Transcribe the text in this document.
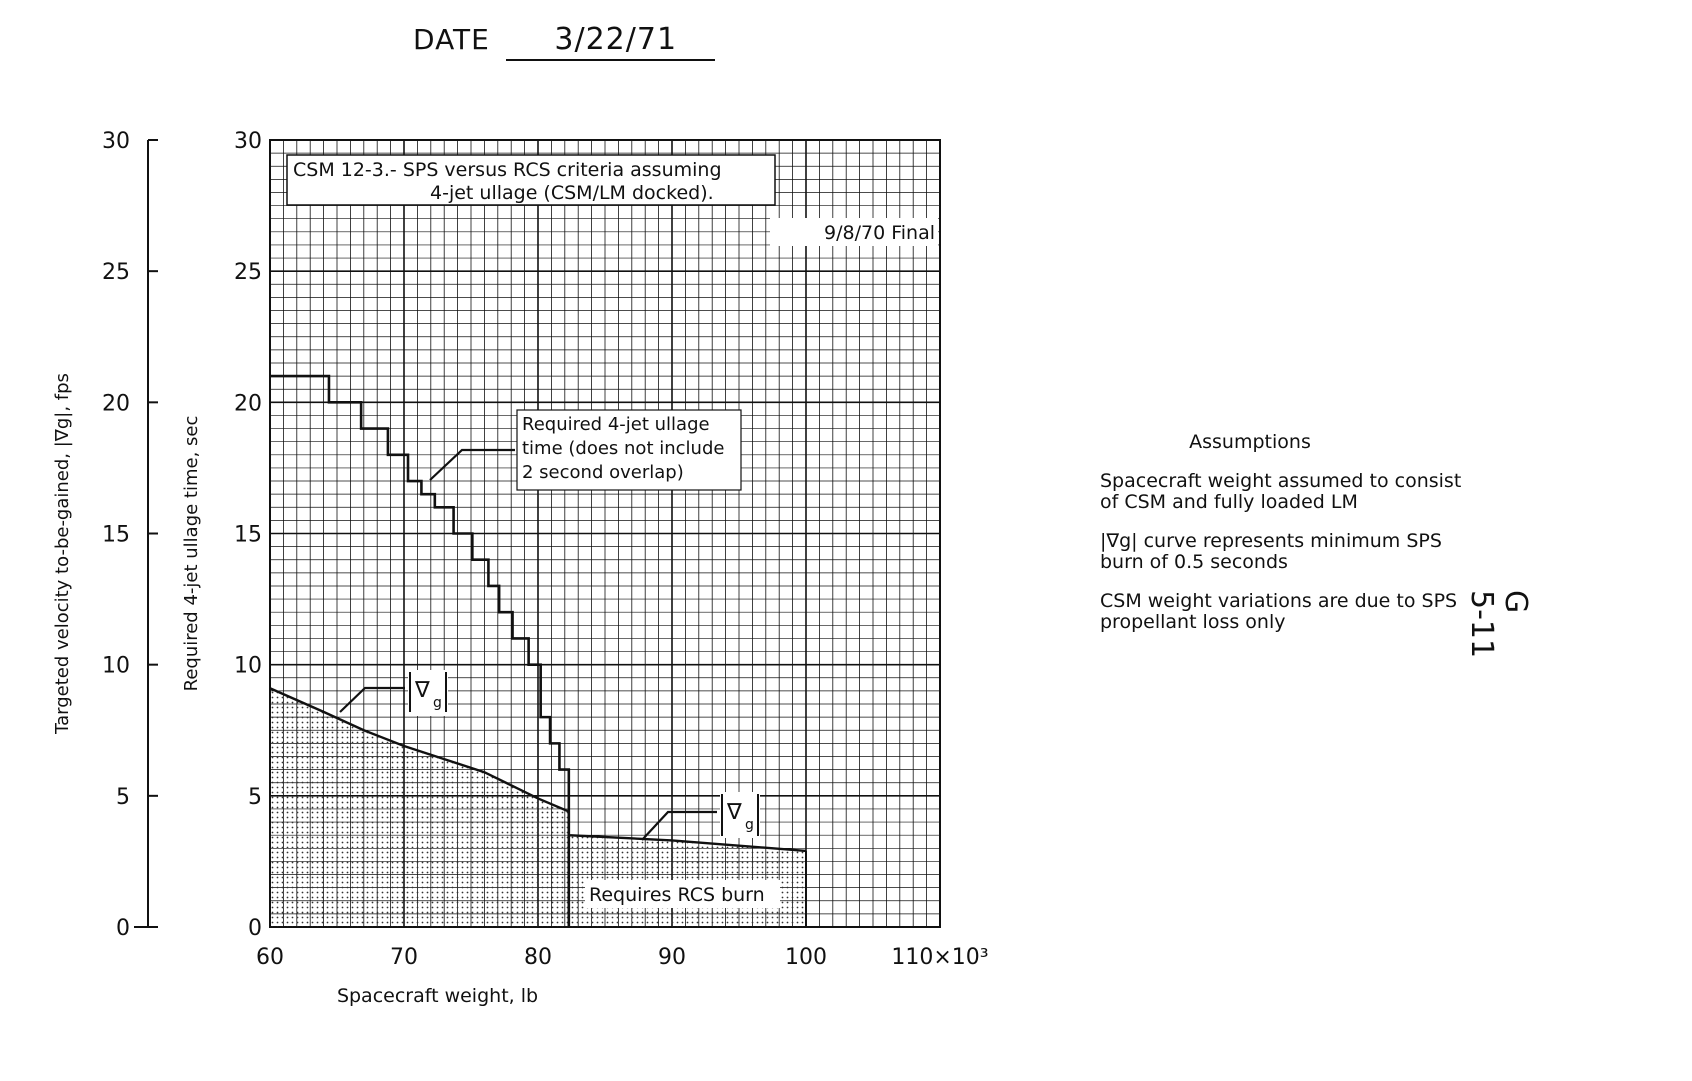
DATE 3/22/71
0	0
5	5
10	10
15	15
20	20
25	25
30	30
60	70	80	90	100	110×10³
Spacecraft weight, lb
Targeted velocity to-be-gained, |∇g|, fps	Required 4-jet ullage time, sec
CSM 12-3.- SPS versus RCS criteria assuming
4-jet ullage (CSM/LM docked).
9/8/70 Final
Required 4-jet ullage
time (does not include
2 second overlap)
∇ g
∇ g
Requires RCS burn
Assumptions
Spacecraft weight assumed to consist of CSM and fully loaded LM
|∇g| curve represents minimum SPS burn of 0.5 seconds
CSM weight variations are due to SPS propellant loss only
G
5-11
